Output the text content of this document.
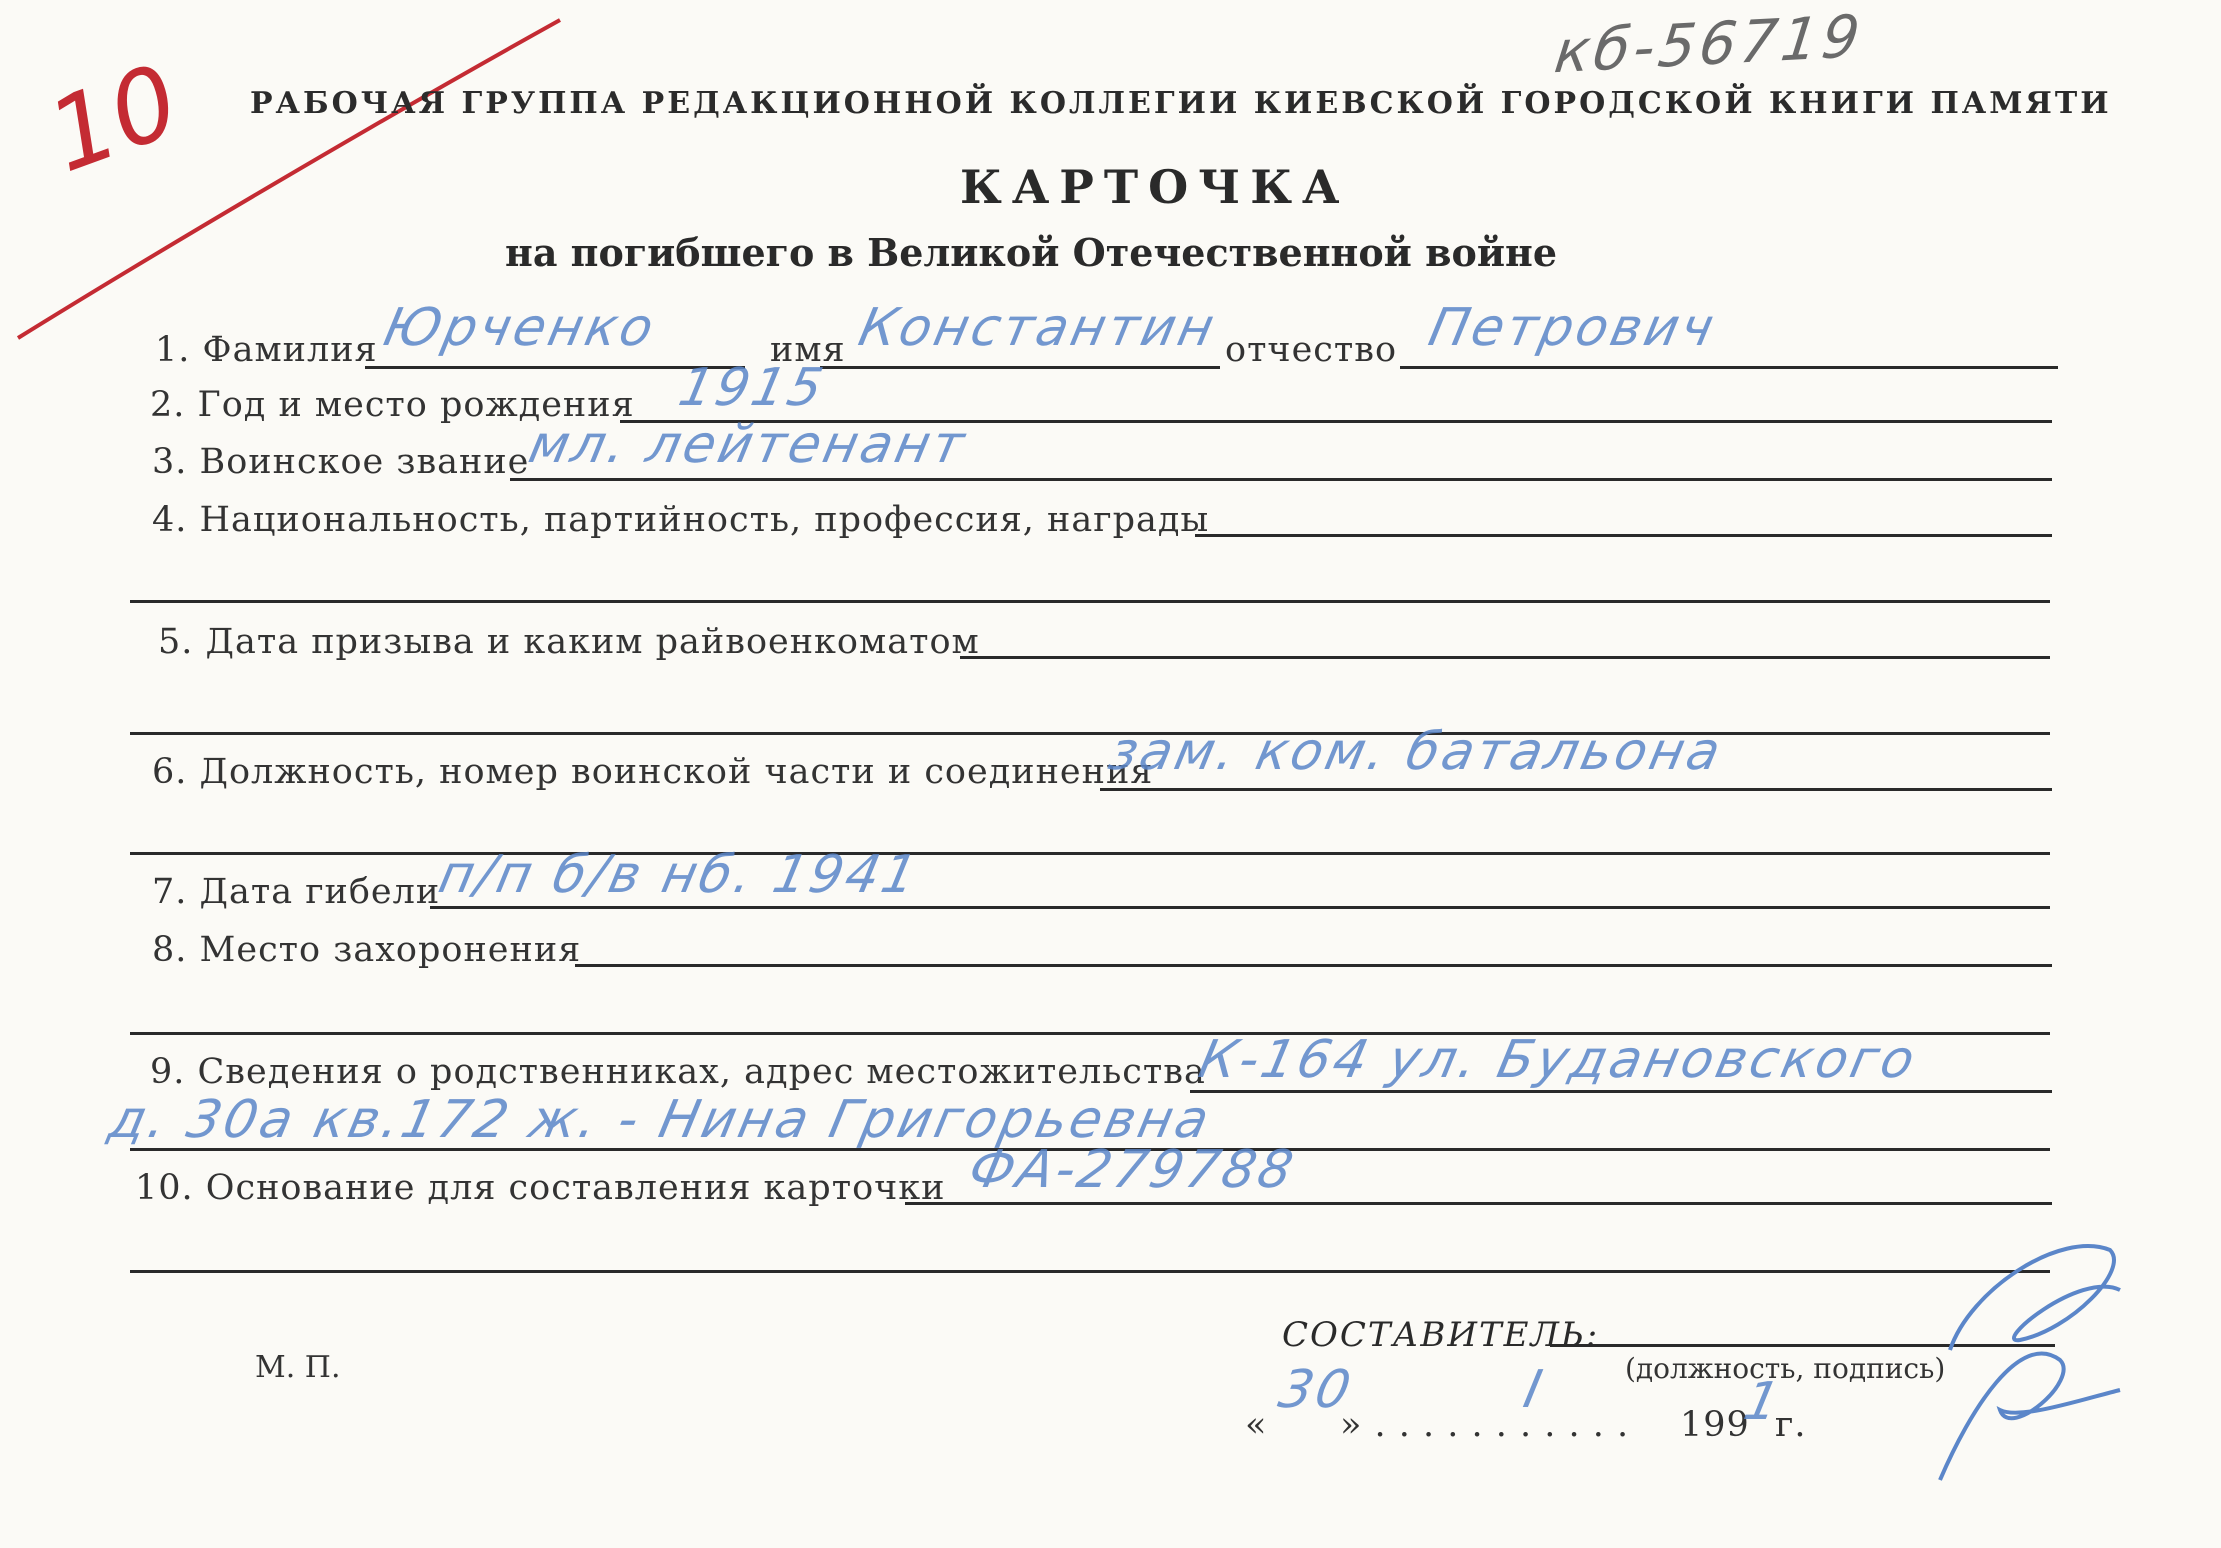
10	кб-56719
РАБОЧАЯ ГРУППА РЕДАКЦИОННОЙ КОЛЛЕГИИ КИЕВСКОЙ ГОРОДСКОЙ КНИГИ ПАМЯТИ
КАРТОЧКА
на погибшего в Великой Отечественной войне
1. Фамилия Юрченко	имя Константин отчество Петрович
2. Год и место рождения 1915
3. Воинское звание
мл. лейтенант
4. Национальность, партийность, профессия, награды
5. Дата призыва и каким райвоенкоматом
6. Должность, номер воинской части и соединения
зам. ком. батальона
7. Дата гибели
п/п б/в нб. 1941
8. Место захоронения
9. Сведения о родственниках, адрес местожительства
К-164 ул. Будановского
д. 30а кв.172 ж. - Нина Григорьевна
10. Основание для составления карточки ФА-279788
М. П.
СОСТАВИТЕЛЬ:
(должность, подпись)
«
30
» . . . . . . . . . . .
I
199
1
г.
